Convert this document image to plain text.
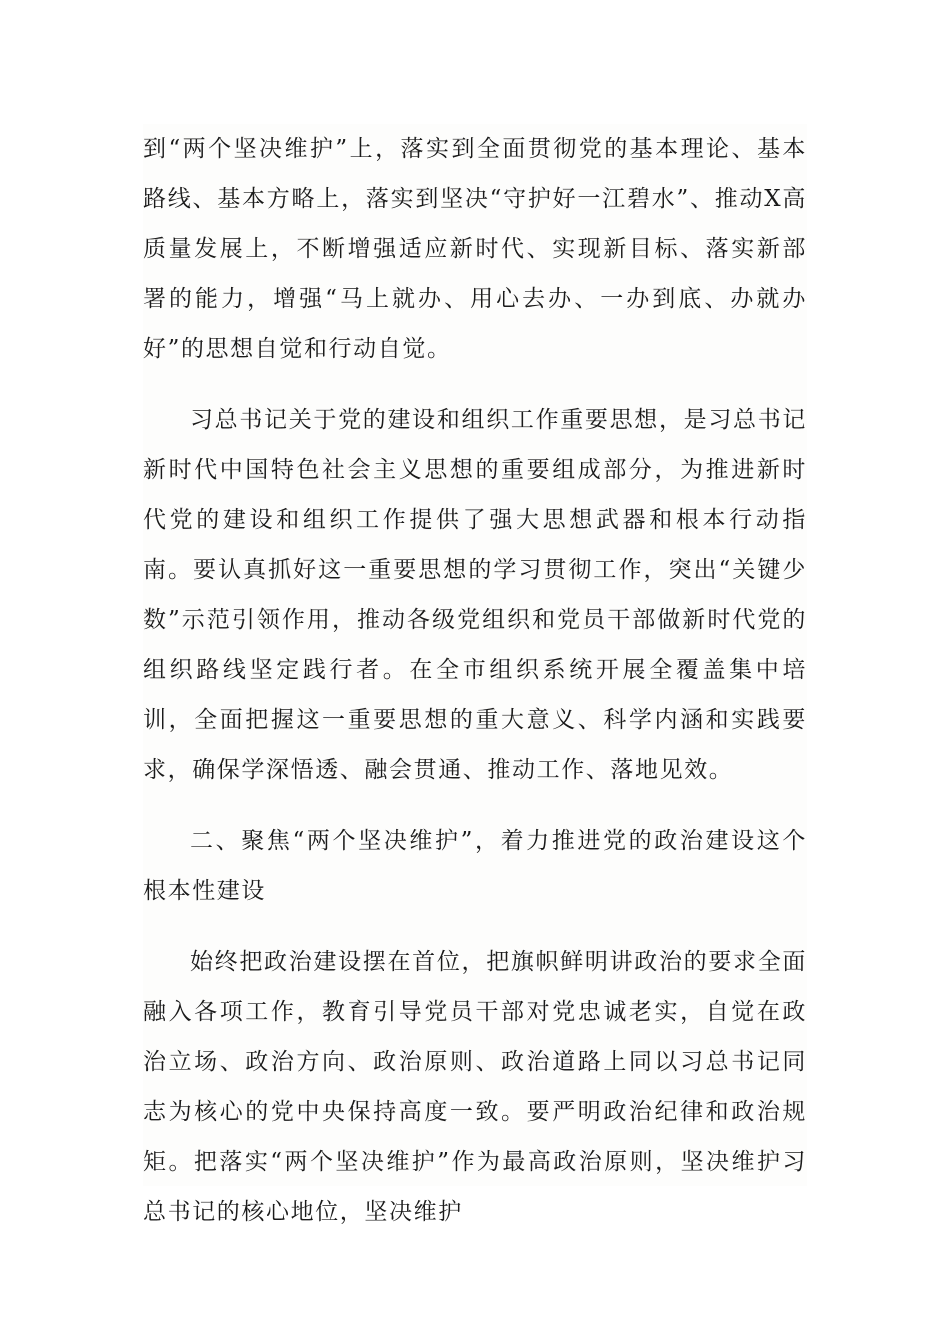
到“两个坚决维护”上，落实到全面贯彻党的基本理论、基本路线、基本方略上，落实到坚决“守护好一江碧水”、推动X高质量发展上，不断增强适应新时代、实现新目标、落实新部署的能力，增强“马上就办、用心去办、一办到底、办就办好”的思想自觉和行动自觉。

习总书记关于党的建设和组织工作重要思想，是习总书记新时代中国特色社会主义思想的重要组成部分，为推进新时代党的建设和组织工作提供了强大思想武器和根本行动指南。要认真抓好这一重要思想的学习贯彻工作，突出“关键少数”示范引领作用，推动各级党组织和党员干部做新时代党的组织路线坚定践行者。在全市组织系统开展全覆盖集中培训，全面把握这一重要思想的重大意义、科学内涵和实践要求，确保学深悟透、融会贯通、推动工作、落地见效。

二、聚焦“两个坚决维护”，着力推进党的政治建设这个根本性建设

始终把政治建设摆在首位，把旗帜鲜明讲政治的要求全面融入各项工作，教育引导党员干部对党忠诚老实，自觉在政治立场、政治方向、政治原则、政治道路上同以习总书记同志为核心的党中央保持高度一致。要严明政治纪律和政治规矩。把落实“两个坚决维护”作为最高政治原则，坚决维护习总书记的核心地位，坚决维护
